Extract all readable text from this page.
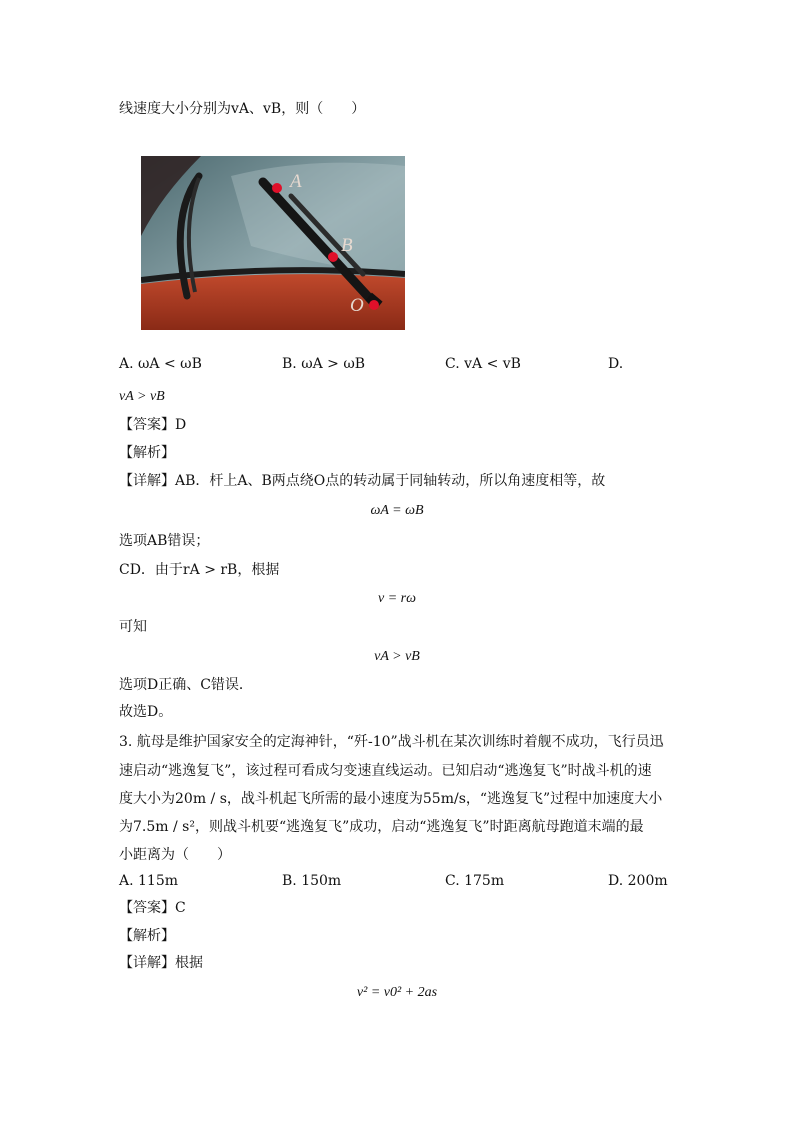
线速度大小分别为vA、vB，则（　　）
A
B
O
A. ωA < ωB	B. ωA > ωB	C. vA < vB	D.
vA > vB
【答案】D
【解析】
【详解】AB．杆上A、B两点绕O点的转动属于同轴转动，所以角速度相等，故
ωA = ωB
选项AB错误；
CD．由于rA > rB，根据
v = rω
可知
vA > vB
选项D正确、C错误．
故选D。
3. 航母是维护国家安全的定海神针，“歼-10”战斗机在某次训练时着舰不成功，飞行员迅
速启动“逃逸复飞”，该过程可看成匀变速直线运动。已知启动“逃逸复飞”时战斗机的速
度大小为20m / s，战斗机起飞所需的最小速度为55m/s，“逃逸复飞”过程中加速度大小
为7.5m / s²，则战斗机要“逃逸复飞”成功，启动“逃逸复飞”时距离航母跑道末端的最
小距离为（　　）
A. 115m	B. 150m	C. 175m	D. 200m
【答案】C
【解析】
【详解】根据
v² = v0² + 2as
